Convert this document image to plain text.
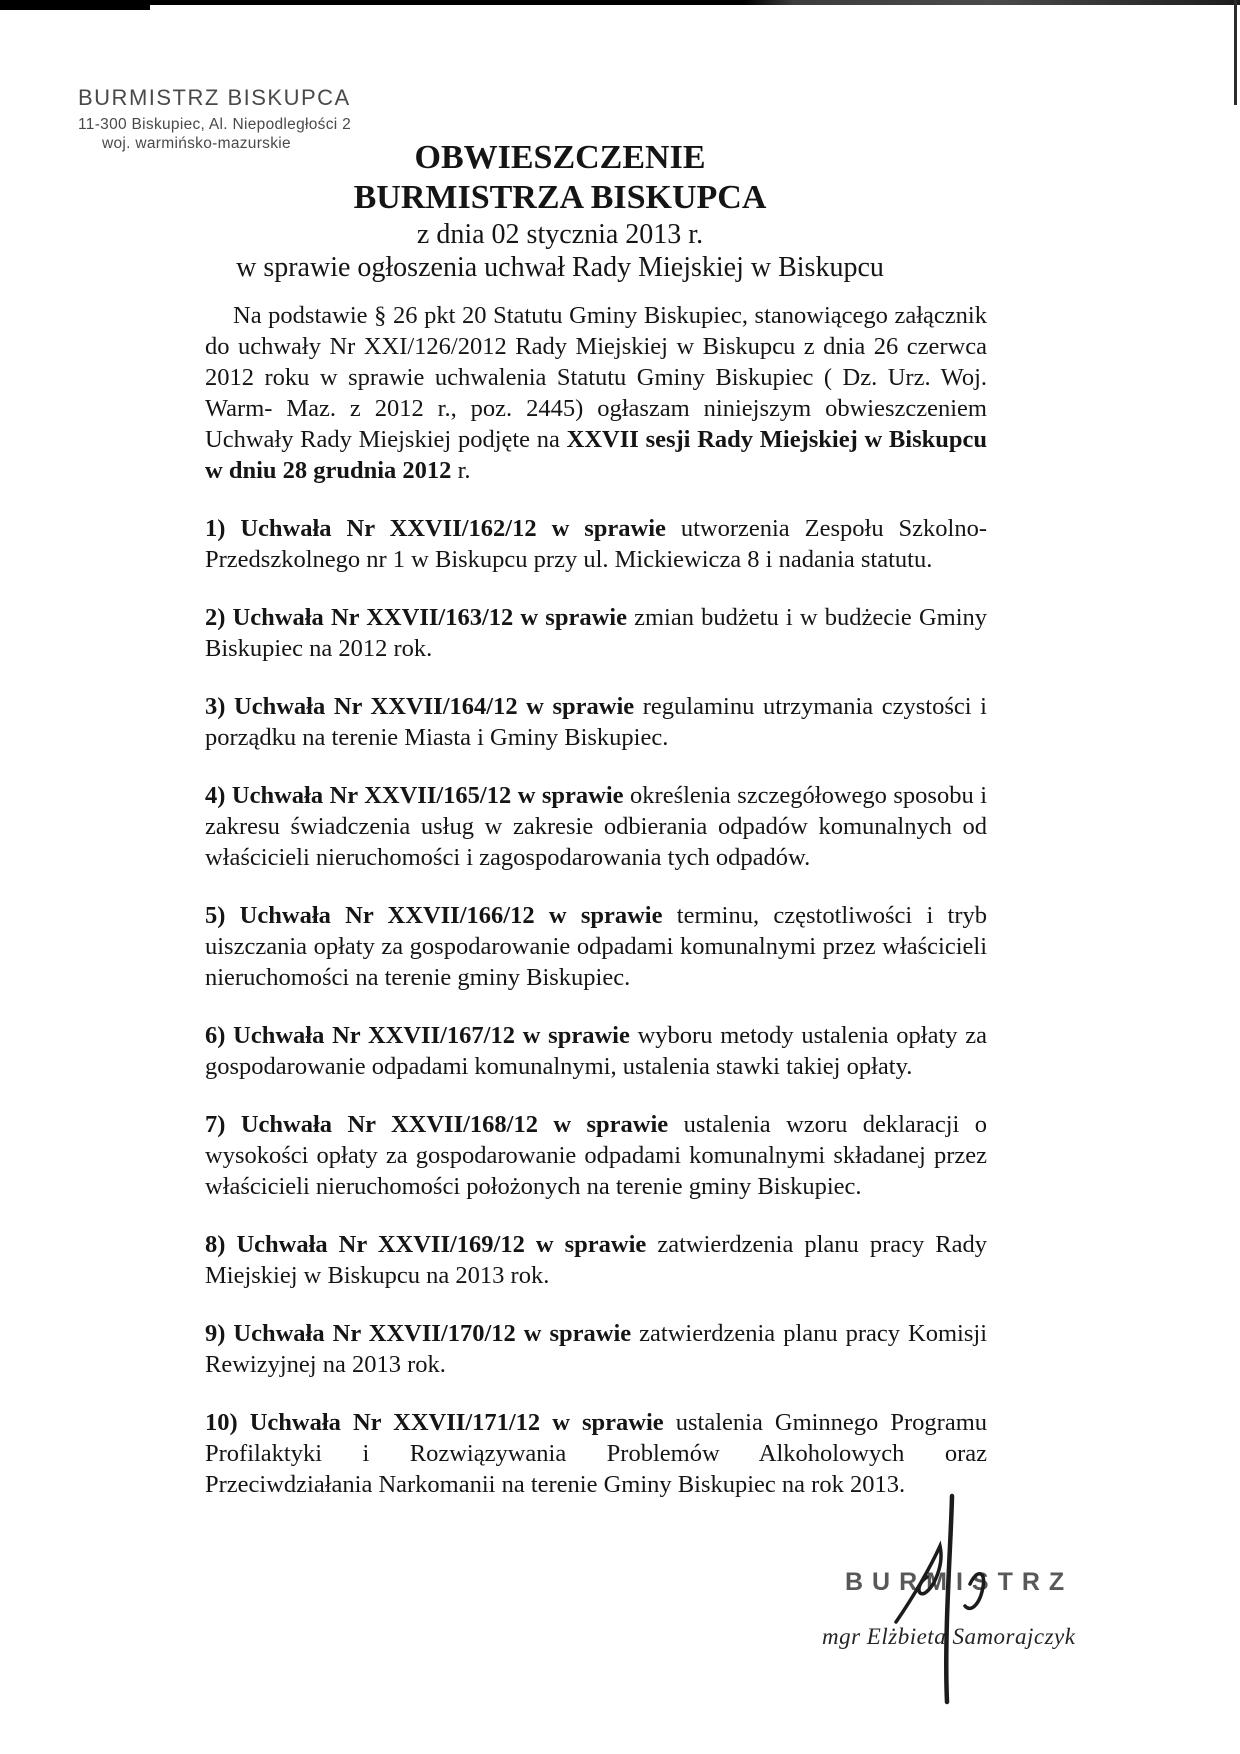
BURMISTRZ BISKUPCA
11-300 Biskupiec, Al. Niepodległości 2
woj. warmińsko-mazurskie	OBWIESZCZENIE
BURMISTRZA BISKUPCA
z dnia 02 stycznia 2013 r.
w sprawie ogłoszenia uchwał Rady Miejskiej w Biskupcu

Na podstawie § 26 pkt 20 Statutu Gminy Biskupiec, stanowiącego załącznik do uchwały Nr XXI/126/2012 Rady Miejskiej w Biskupcu z dnia 26 czerwca 2012 roku w sprawie uchwalenia Statutu Gminy Biskupiec ( Dz. Urz. Woj. Warm- Maz. z 2012 r., poz. 2445) ogłaszam niniejszym obwieszczeniem Uchwały Rady Miejskiej podjęte na XXVII sesji Rady Miejskiej w Biskupcu w dniu 28 grudnia 2012 r.

1) Uchwała Nr XXVII/162/12 w sprawie utworzenia Zespołu Szkolno-Przedszkolnego nr 1 w Biskupcu przy ul. Mickiewicza 8 i nadania statutu.

2) Uchwała Nr XXVII/163/12 w sprawie zmian budżetu i w budżecie Gminy Biskupiec na 2012 rok.

3) Uchwała Nr XXVII/164/12 w sprawie regulaminu utrzymania czystości i porządku na terenie Miasta i Gminy Biskupiec.

4) Uchwała Nr XXVII/165/12 w sprawie określenia szczegółowego sposobu i zakresu świadczenia usług w zakresie odbierania odpadów komunalnych od właścicieli nieruchomości i zagospodarowania tych odpadów.

5) Uchwała Nr XXVII/166/12 w sprawie terminu, częstotliwości i tryb uiszczania opłaty za gospodarowanie odpadami komunalnymi przez właścicieli nieruchomości na terenie gminy Biskupiec.

6) Uchwała Nr XXVII/167/12 w sprawie wyboru metody ustalenia opłaty za gospodarowanie odpadami komunalnymi, ustalenia stawki takiej opłaty.

7) Uchwała Nr XXVII/168/12 w sprawie ustalenia wzoru deklaracji o wysokości opłaty za gospodarowanie odpadami komunalnymi składanej przez właścicieli nieruchomości położonych na terenie gminy Biskupiec.

8) Uchwała Nr XXVII/169/12 w sprawie zatwierdzenia planu pracy Rady Miejskiej w Biskupcu na 2013 rok.

9) Uchwała Nr XXVII/170/12 w sprawie zatwierdzenia planu pracy Komisji Rewizyjnej na 2013 rok.

10) Uchwała Nr XXVII/171/12 w sprawie ustalenia Gminnego Programu Profilaktyki i Rozwiązywania Problemów Alkoholowych oraz Przeciwdziałania Narkomanii na terenie Gminy Biskupiec na rok 2013.

BURMISTRZ
mgr Elżbieta Samorajczyk
